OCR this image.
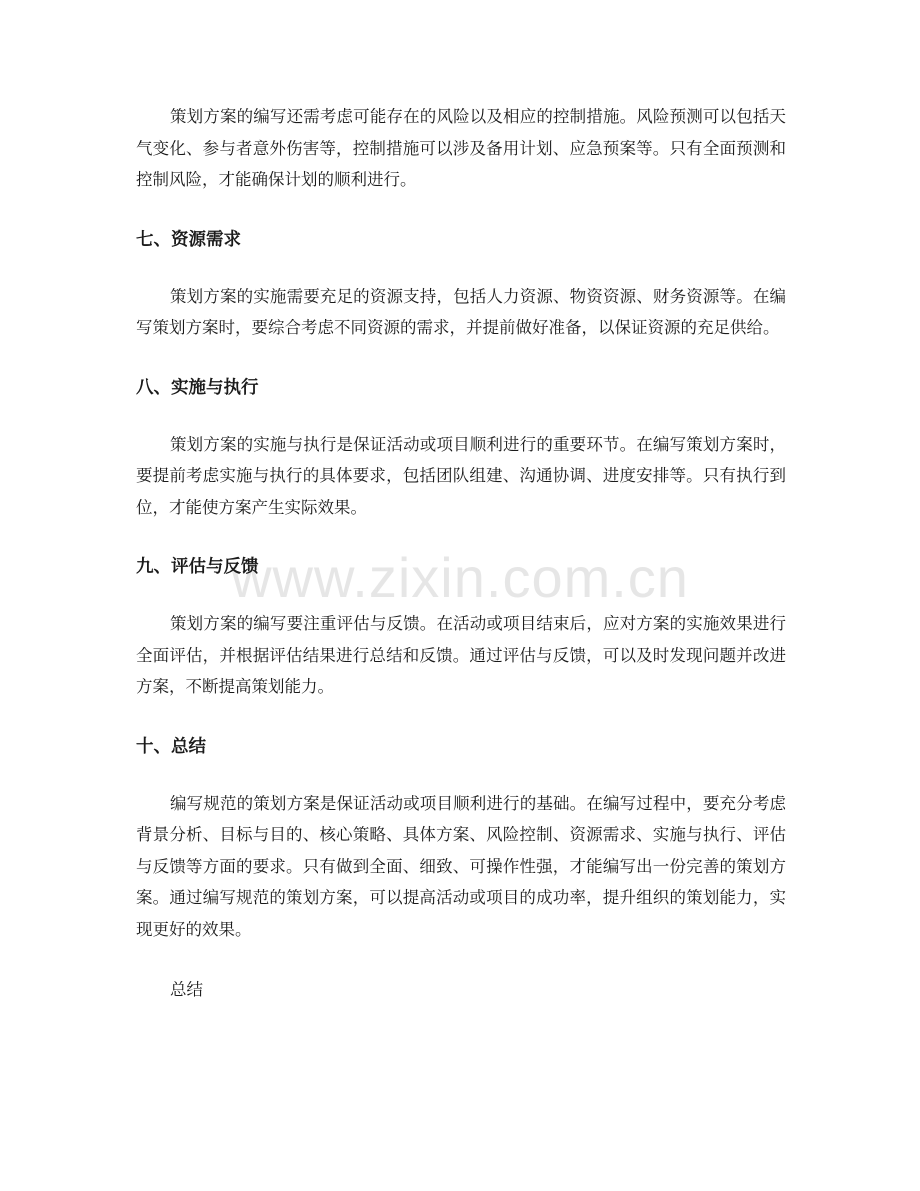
www.zixin.com.cn

策划方案的编写还需考虑可能存在的风险以及相应的控制措施。风险预测可以包括天气变化、参与者意外伤害等，控制措施可以涉及备用计划、应急预案等。只有全面预测和控制风险，才能确保计划的顺利进行。

七、资源需求

策划方案的实施需要充足的资源支持，包括人力资源、物资资源、财务资源等。在编写策划方案时，要综合考虑不同资源的需求，并提前做好准备，以保证资源的充足供给。

八、实施与执行

策划方案的实施与执行是保证活动或项目顺利进行的重要环节。在编写策划方案时，要提前考虑实施与执行的具体要求，包括团队组建、沟通协调、进度安排等。只有执行到位，才能使方案产生实际效果。

九、评估与反馈

策划方案的编写要注重评估与反馈。在活动或项目结束后，应对方案的实施效果进行全面评估，并根据评估结果进行总结和反馈。通过评估与反馈，可以及时发现问题并改进方案，不断提高策划能力。

十、总结

编写规范的策划方案是保证活动或项目顺利进行的基础。在编写过程中，要充分考虑背景分析、目标与目的、核心策略、具体方案、风险控制、资源需求、实施与执行、评估与反馈等方面的要求。只有做到全面、细致、可操作性强，才能编写出一份完善的策划方案。通过编写规范的策划方案，可以提高活动或项目的成功率，提升组织的策划能力，实现更好的效果。

总结
